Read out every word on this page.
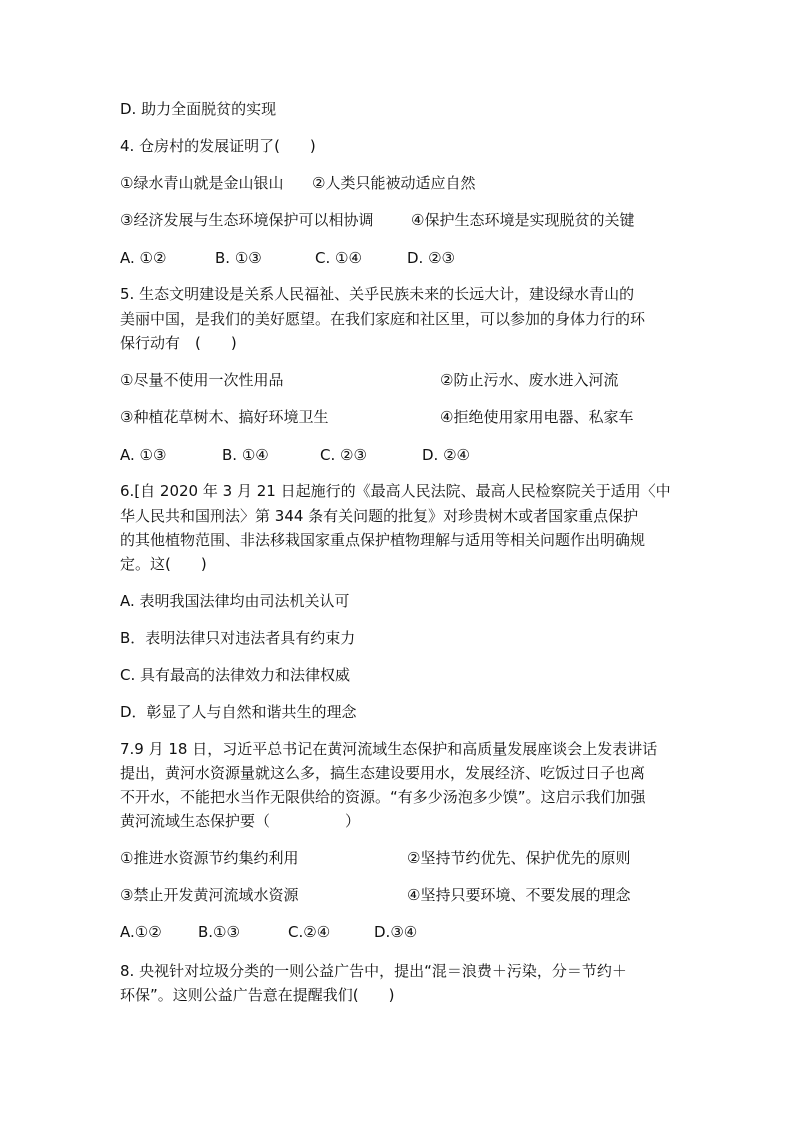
D. 助力全面脱贫的实现
4. 仓房村的发展证明了(　　)
①绿水青山就是金山银山 ②人类只能被动适应自然
③经济发展与生态环境保护可以相协调	④保护生态环境是实现脱贫的关键
A. ①②	B. ①③	C. ①④	D. ②③
5. 生态文明建设是关系人民福祉、关乎民族未来的长远大计，建设绿水青山的
美丽中国，是我们的美好愿望。在我们家庭和社区里，可以参加的身体力行的环
保行动有　(　　)
①尽量不使用一次性用品	②防止污水、废水进入河流
③种植花草树木、搞好环境卫生	④拒绝使用家用电器、私家车
A. ①③	B. ①④	C. ②③	D. ②④
6.[自 2020 年 3 月 21 日起施行的《最高人民法院、最高人民检察院关于适用〈中
华人民共和国刑法〉第 344 条有关问题的批复》对珍贵树木或者国家重点保护
的其他植物范围、非法移栽国家重点保护植物理解与适用等相关问题作出明确规
定。这(　　)
A. 表明我国法律均由司法机关认可
B．表明法律只对违法者具有约束力
C. 具有最高的法律效力和法律权威
D．彰显了人与自然和谐共生的理念
7.9 月 18 日，习近平总书记在黄河流域生态保护和高质量发展座谈会上发表讲话
提出，黄河水资源量就这么多，搞生态建设要用水，发展经济、吃饭过日子也离
不开水，不能把水当作无限供给的资源。“有多少汤泡多少馍”。这启示我们加强
黄河流域生态保护要（　　　　　）
①推进水资源节约集约利用	②坚持节约优先、保护优先的原则
③禁止开发黄河流域水资源	④坚持只要环境、不要发展的理念
A.①② B.①③	C.②④	D.③④
8. 央视针对垃圾分类的一则公益广告中，提出“混＝浪费＋污染，分＝节约＋
环保”。这则公益广告意在提醒我们(　　)
